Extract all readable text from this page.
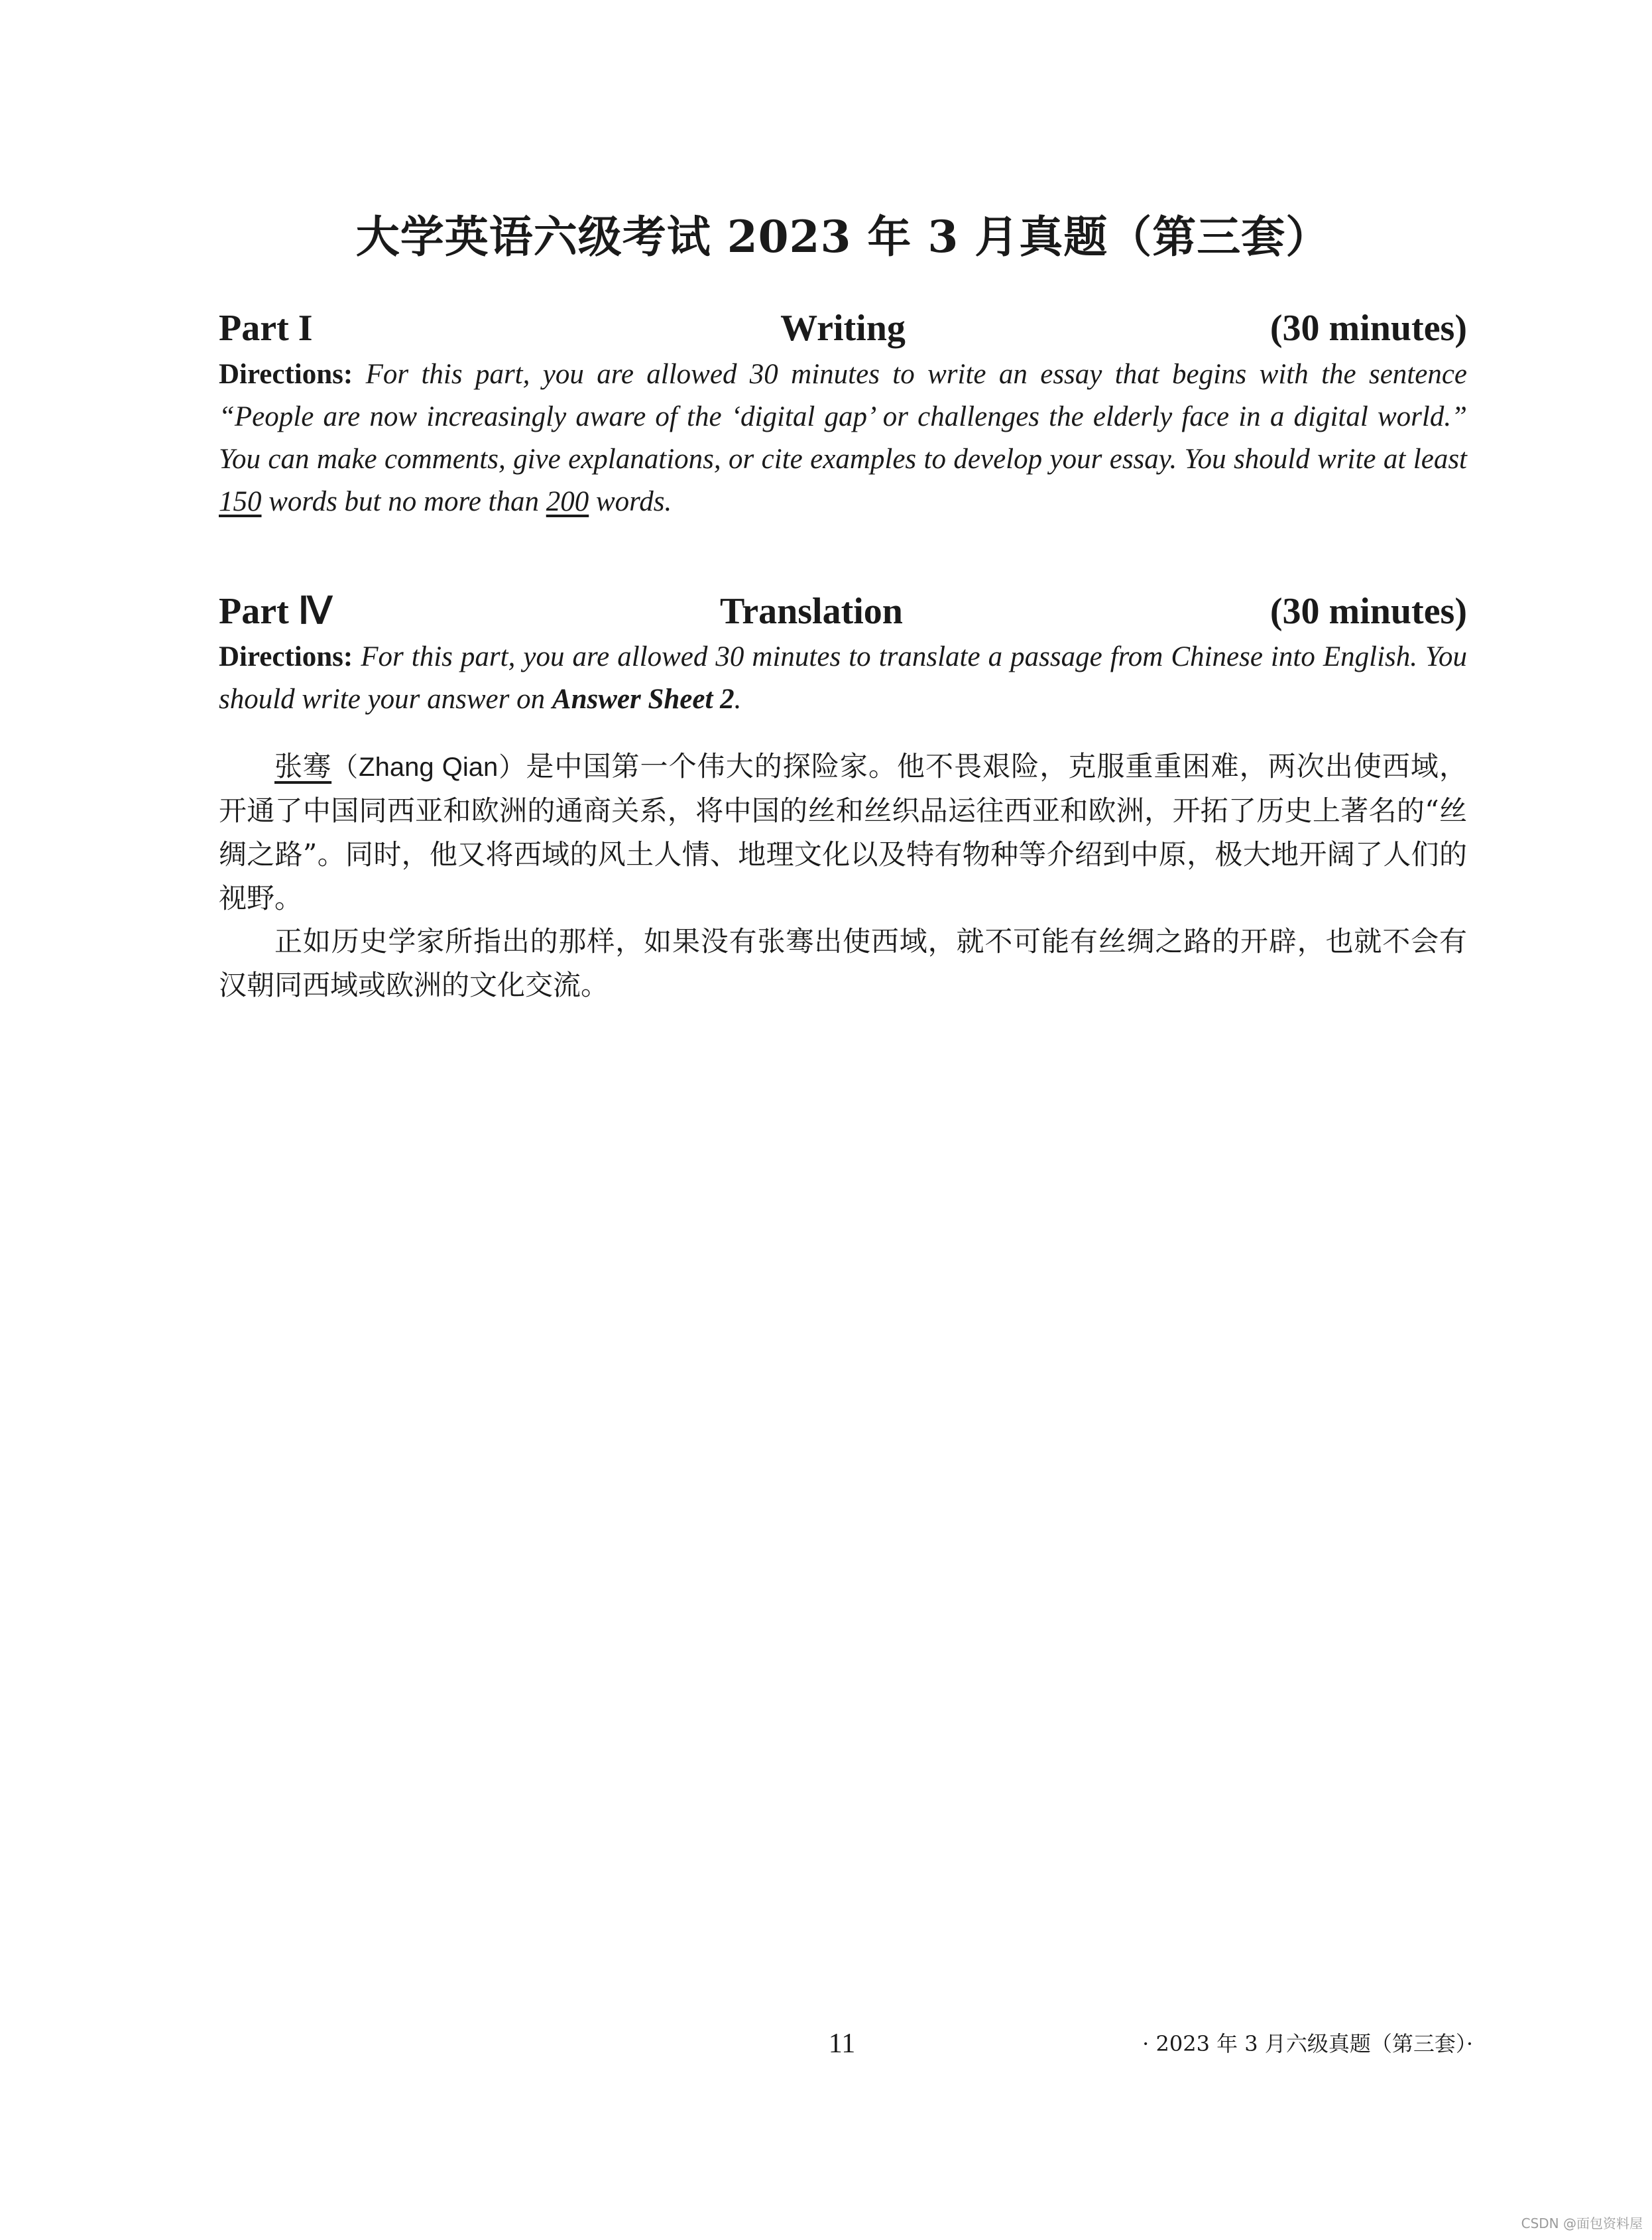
大学英语六级考试 2023 年 3 月真题（第三套）
Part I	Writing	(30 minutes)
Directions: For this part, you are allowed 30 minutes to write an essay that begins with the sentence “People are now increasingly aware of the ‘digital gap’ or challenges the elderly face in a digital world.” You can make comments, give explanations, or cite examples to develop your essay. You should write at least 150 words but no more than 200 words.
Part Ⅳ	Translation	(30 minutes)
Directions: For this part, you are allowed 30 minutes to translate a passage from Chinese into English. You should write your answer on Answer Sheet 2.
张骞（Zhang Qian）是中国第一个伟大的探险家。他不畏艰险，克服重重困难，两次出使西域，开通了中国同西亚和欧洲的通商关系，将中国的丝和丝织品运往西亚和欧洲，开拓了历史上著名的“丝绸之路”。同时，他又将西域的风土人情、地理文化以及特有物种等介绍到中原，极大地开阔了人们的视野。
正如历史学家所指出的那样，如果没有张骞出使西域，就不可能有丝绸之路的开辟，也就不会有汉朝同西域或欧洲的文化交流。
11	· 2023 年 3 月六级真题（第三套）·
CSDN @面包资料屋
